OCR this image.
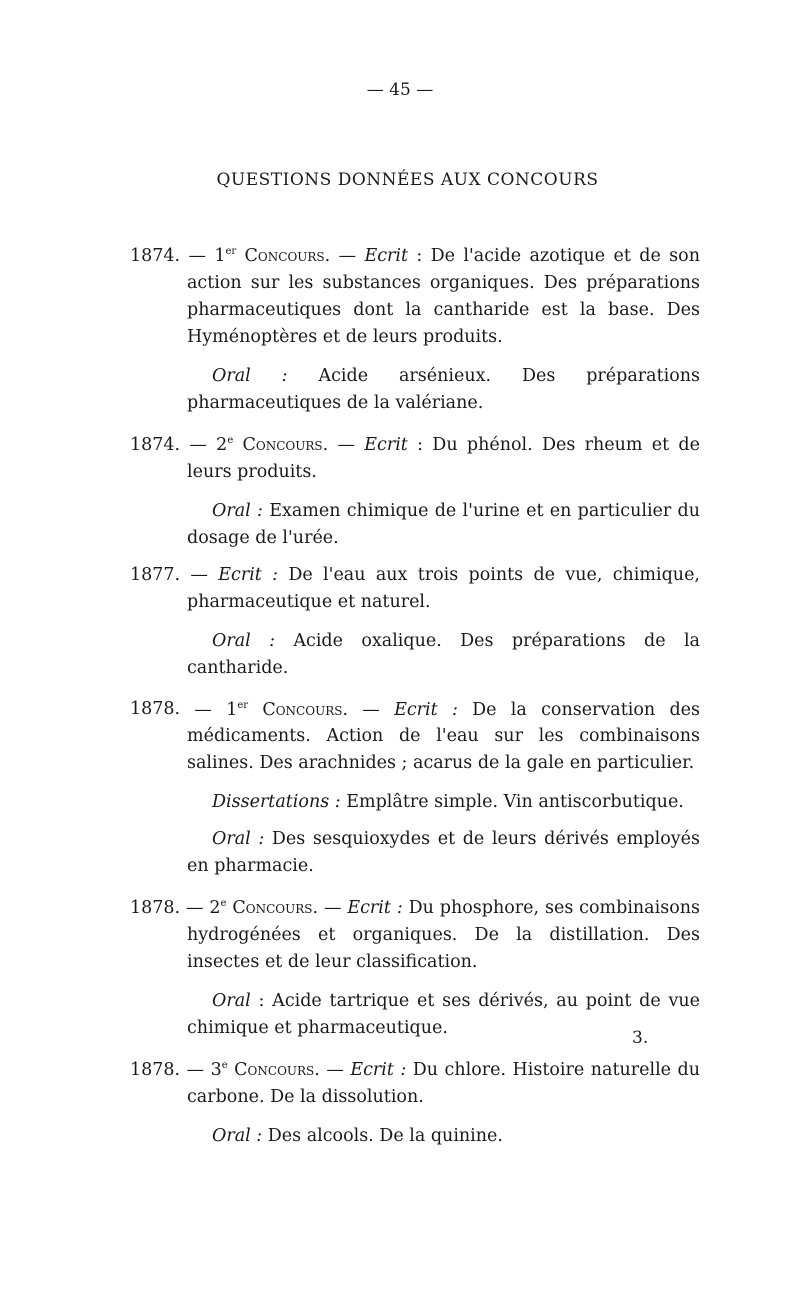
— 45 —
QUESTIONS DONNÉES AUX CONCOURS

1874. — 1er Concours. — Ecrit : De l'acide azotique et de son action sur les substances organiques. Des préparations pharmaceutiques dont la cantharide est la base. Des Hyménoptères et de leurs produits.

Oral : Acide arsénieux. Des préparations pharmaceutiques de la valériane.

1874. — 2e Concours. — Ecrit : Du phénol. Des rheum et de leurs produits.

Oral : Examen chimique de l'urine et en particulier du dosage de l'urée.

1877. — Ecrit : De l'eau aux trois points de vue, chimique, pharmaceutique et naturel.

Oral : Acide oxalique. Des préparations de la cantharide.

1878. — 1er Concours. — Ecrit : De la conservation des médicaments. Action de l'eau sur les combinaisons salines. Des arachnides ; acarus de la gale en particulier.

Dissertations : Emplâtre simple. Vin antiscorbutique.

Oral : Des sesquioxydes et de leurs dérivés employés en pharmacie.

1878. — 2e Concours. — Ecrit : Du phosphore, ses combinaisons hydrogénées et organiques. De la distillation. Des insectes et de leur classification.

Oral : Acide tartrique et ses dérivés, au point de vue chimique et pharmaceutique.

1878. — 3e Concours. — Ecrit : Du chlore. Histoire naturelle du carbone. De la dissolution.

Oral : Des alcools. De la quinine.

3.
